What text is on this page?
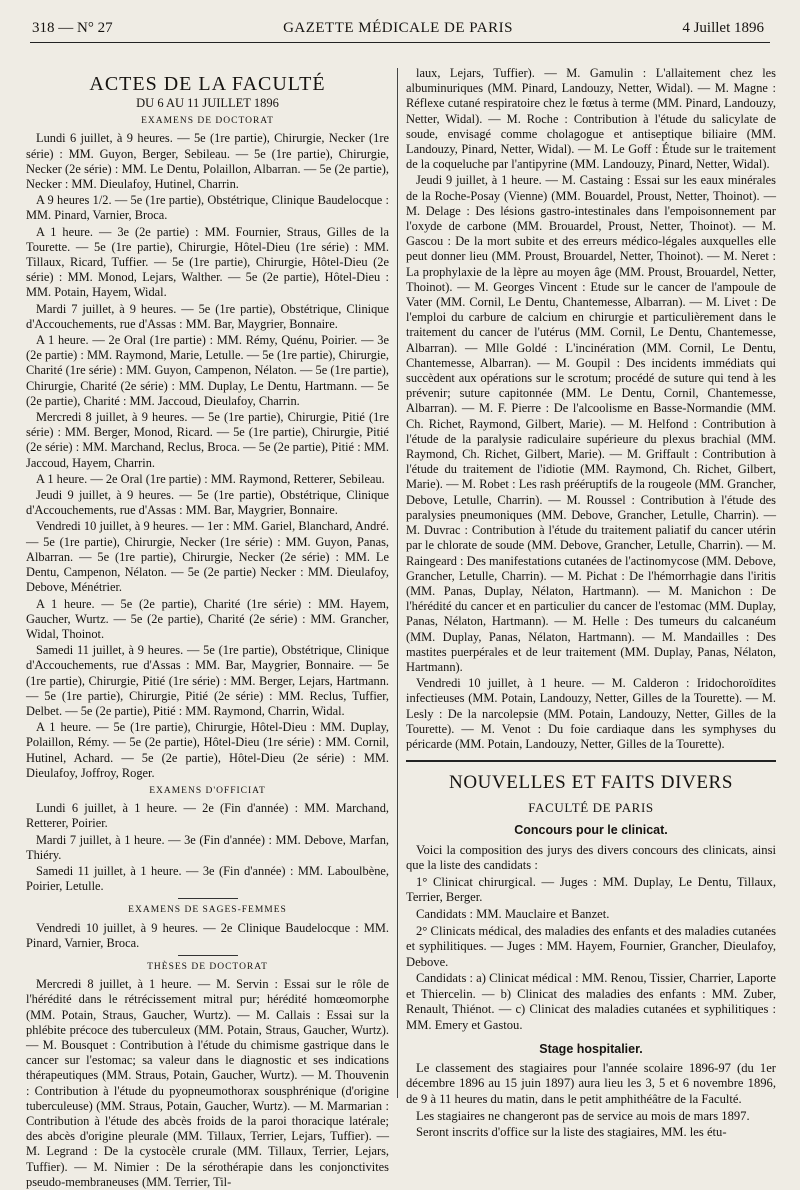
318 — N° 27	GAZETTE MÉDICALE DE PARIS	4 Juillet 1896
ACTES DE LA FACULTÉ
DU 6 AU 11 JUILLET 1896
EXAMENS DE DOCTORAT

Lundi 6 juillet, à 9 heures. — 5e (1re partie), Chirurgie, Necker (1re série) : MM. Guyon, Berger, Sebileau. — 5e (1re partie), Chirurgie, Necker (2e série) : MM. Le Dentu, Polaillon, Albarran. — 5e (2e partie), Necker : MM. Dieulafoy, Hutinel, Charrin.

A 9 heures 1/2. — 5e (1re partie), Obstétrique, Clinique Baudelocque : MM. Pinard, Varnier, Broca.

A 1 heure. — 3e (2e partie) : MM. Fournier, Straus, Gilles de la Tourette. — 5e (1re partie), Chirurgie, Hôtel-Dieu (1re série) : MM. Tillaux, Ricard, Tuffier. — 5e (1re partie), Chirurgie, Hôtel-Dieu (2e série) : MM. Monod, Lejars, Walther. — 5e (2e partie), Hôtel-Dieu : MM. Potain, Hayem, Widal.

Mardi 7 juillet, à 9 heures. — 5e (1re partie), Obstétrique, Clinique d'Accouchements, rue d'Assas : MM. Bar, Maygrier, Bonnaire.

A 1 heure. — 2e Oral (1re partie) : MM. Rémy, Quénu, Poirier. — 3e (2e partie) : MM. Raymond, Marie, Letulle. — 5e (1re partie), Chirurgie, Charité (1re série) : MM. Guyon, Campenon, Nélaton. — 5e (1re partie), Chirurgie, Charité (2e série) : MM. Duplay, Le Dentu, Hartmann. — 5e (2e partie), Charité : MM. Jaccoud, Dieulafoy, Charrin.

Mercredi 8 juillet, à 9 heures. — 5e (1re partie), Chirurgie, Pitié (1re série) : MM. Berger, Monod, Ricard. — 5e (1re partie), Chirurgie, Pitié (2e série) : MM. Marchand, Reclus, Broca. — 5e (2e partie), Pitié : MM. Jaccoud, Hayem, Charrin.

A 1 heure. — 2e Oral (1re partie) : MM. Raymond, Retterer, Sebileau.

Jeudi 9 juillet, à 9 heures. — 5e (1re partie), Obstétrique, Clinique d'Accouchements, rue d'Assas : MM. Bar, Maygrier, Bonnaire.

Vendredi 10 juillet, à 9 heures. — 1er : MM. Gariel, Blanchard, André. — 5e (1re partie), Chirurgie, Necker (1re série) : MM. Guyon, Panas, Albarran. — 5e (1re partie), Chirurgie, Necker (2e série) : MM. Le Dentu, Campenon, Nélaton. — 5e (2e partie) Necker : MM. Dieulafoy, Debove, Ménétrier.

A 1 heure. — 5e (2e partie), Charité (1re série) : MM. Hayem, Gaucher, Wurtz. — 5e (2e partie), Charité (2e série) : MM. Grancher, Widal, Thoinot.

Samedi 11 juillet, à 9 heures. — 5e (1re partie), Obstétrique, Clinique d'Accouchements, rue d'Assas : MM. Bar, Maygrier, Bonnaire. — 5e (1re partie), Chirurgie, Pitié (1re série) : MM. Berger, Lejars, Hartmann. — 5e (1re partie), Chirurgie, Pitié (2e série) : MM. Reclus, Tuffier, Delbet. — 5e (2e partie), Pitié : MM. Raymond, Charrin, Widal.

A 1 heure. — 5e (1re partie), Chirurgie, Hôtel-Dieu : MM. Duplay, Polaillon, Rémy. — 5e (2e partie), Hôtel-Dieu (1re série) : MM. Cornil, Hutinel, Achard. — 5e (2e partie), Hôtel-Dieu (2e série) : MM. Dieulafoy, Joffroy, Roger.

EXAMENS D'OFFICIAT

Lundi 6 juillet, à 1 heure. — 2e (Fin d'année) : MM. Marchand, Retterer, Poirier.

Mardi 7 juillet, à 1 heure. — 3e (Fin d'année) : MM. Debove, Marfan, Thiéry.

Samedi 11 juillet, à 1 heure. — 3e (Fin d'année) : MM. Laboulbène, Poirier, Letulle.

EXAMENS DE SAGES-FEMMES

Vendredi 10 juillet, à 9 heures. — 2e Clinique Baudelocque : MM. Pinard, Varnier, Broca.

THÈSES DE DOCTORAT

Mercredi 8 juillet, à 1 heure. — M. Servin : Essai sur le rôle de l'hérédité dans le rétrécissement mitral pur; hérédité homœomorphe (MM. Potain, Straus, Gaucher, Wurtz). — M. Callais : Essai sur la phlébite précoce des tuberculeux (MM. Potain, Straus, Gaucher, Wurtz). — M. Bousquet : Contribution à l'étude du chimisme gastrique dans le cancer sur l'estomac; sa valeur dans le diagnostic et ses indications thérapeutiques (MM. Straus, Potain, Gaucher, Wurtz). — M. Thouvenin : Contribution à l'étude du pyopneumothorax sousphrénique (d'origine tuberculeuse) (MM. Straus, Potain, Gaucher, Wurtz). — M. Marmarian : Contribution à l'étude des abcès froids de la paroi thoracique latérale; des abcès d'origine pleurale (MM. Tillaux, Terrier, Lejars, Tuffier). — M. Legrand : De la cystocèle crurale (MM. Tillaux, Terrier, Lejars, Tuffier). — M. Nimier : De la sérothérapie dans les conjonctivites pseudo-membraneuses (MM. Terrier, Til-

laux, Lejars, Tuffier). — M. Gamulin : L'allaitement chez les albuminuriques (MM. Pinard, Landouzy, Netter, Widal). — M. Magne : Réflexe cutané respiratoire chez le fœtus à terme (MM. Pinard, Landouzy, Netter, Widal). — M. Roche : Contribution à l'étude du salicylate de soude, envisagé comme cholagogue et antiseptique biliaire (MM. Landouzy, Pinard, Netter, Widal). — M. Le Goff : Étude sur le traitement de la coqueluche par l'antipyrine (MM. Landouzy, Pinard, Netter, Widal).

Jeudi 9 juillet, à 1 heure. — M. Castaing : Essai sur les eaux minérales de la Roche-Posay (Vienne) (MM. Bouardel, Proust, Netter, Thoinot). — M. Delage : Des lésions gastro-intestinales dans l'empoisonnement par l'oxyde de carbone (MM. Brouardel, Proust, Netter, Thoinot). — M. Gascou : De la mort subite et des erreurs médico-légales auxquelles elle peut donner lieu (MM. Proust, Brouardel, Netter, Thoinot). — M. Neret : La prophylaxie de la lèpre au moyen âge (MM. Proust, Brouardel, Netter, Thoinot). — M. Georges Vincent : Etude sur le cancer de l'ampoule de Vater (MM. Cornil, Le Dentu, Chantemesse, Albarran). — M. Livet : De l'emploi du carbure de calcium en chirurgie et particulièrement dans le traitement du cancer de l'utérus (MM. Cornil, Le Dentu, Chantemesse, Albarran). — Mlle Goldé : L'incinération (MM. Cornil, Le Dentu, Chantemesse, Albarran). — M. Goupil : Des incidents immédiats qui succèdent aux opérations sur le scrotum; procédé de suture qui tend à les prévenir; suture capitonnée (MM. Le Dentu, Cornil, Chantemesse, Albarran). — M. F. Pierre : De l'alcoolisme en Basse-Normandie (MM. Ch. Richet, Raymond, Gilbert, Marie). — M. Helfond : Contribution à l'étude de la paralysie radiculaire supérieure du plexus brachial (MM. Raymond, Ch. Richet, Gilbert, Marie). — M. Griffault : Contribution à l'étude du traitement de l'idiotie (MM. Raymond, Ch. Richet, Gilbert, Marie). — M. Robet : Les rash prééruptifs de la rougeole (MM. Grancher, Debove, Letulle, Charrin). — M. Roussel : Contribution à l'étude des paralysies pneumoniques (MM. Debove, Grancher, Letulle, Charrin). — M. Duvrac : Contribution à l'étude du traitement paliatif du cancer utérin par le chlorate de soude (MM. Debove, Grancher, Letulle, Charrin). — M. Raingeard : Des manifestations cutanées de l'actinomycose (MM. Debove, Grancher, Letulle, Charrin). — M. Pichat : De l'hémorrhagie dans l'iritis (MM. Panas, Duplay, Nélaton, Hartmann). — M. Manichon : De l'hérédité du cancer et en particulier du cancer de l'estomac (MM. Duplay, Panas, Nélaton, Hartmann). — M. Helle : Des tumeurs du calcanéum (MM. Duplay, Panas, Nélaton, Hartmann). — M. Mandailles : Des mastites puerpérales et de leur traitement (MM. Duplay, Panas, Nélaton, Hartmann).

Vendredi 10 juillet, à 1 heure. — M. Calderon : Iridochoroïdites infectieuses (MM. Potain, Landouzy, Netter, Gilles de la Tourette). — M. Lesly : De la narcolepsie (MM. Potain, Landouzy, Netter, Gilles de la Tourette). — M. Venot : Du foie cardiaque dans les symphyses du péricarde (MM. Potain, Landouzy, Netter, Gilles de la Tourette).

NOUVELLES ET FAITS DIVERS
FACULTÉ DE PARIS
Concours pour le clinicat.

Voici la composition des jurys des divers concours des clinicats, ainsi que la liste des candidats :

1° Clinicat chirurgical. — Juges : MM. Duplay, Le Dentu, Tillaux, Terrier, Berger.

Candidats : MM. Mauclaire et Banzet.

2° Clinicats médical, des maladies des enfants et des maladies cutanées et syphilitiques. — Juges : MM. Hayem, Fournier, Grancher, Dieulafoy, Debove.

Candidats : a) Clinicat médical : MM. Renou, Tissier, Charrier, Laporte et Thiercelin. — b) Clinicat des maladies des enfants : MM. Zuber, Renault, Thiénot. — c) Clinicat des maladies cutanées et syphilitiques : MM. Emery et Gastou.

Stage hospitalier.

Le classement des stagiaires pour l'année scolaire 1896-97 (du 1er décembre 1896 au 15 juin 1897) aura lieu les 3, 5 et 6 novembre 1896, de 9 à 11 heures du matin, dans le petit amphithéâtre de la Faculté.

Les stagiaires ne changeront pas de service au mois de mars 1897.

Seront inscrits d'office sur la liste des stagiaires, MM. les étu-
